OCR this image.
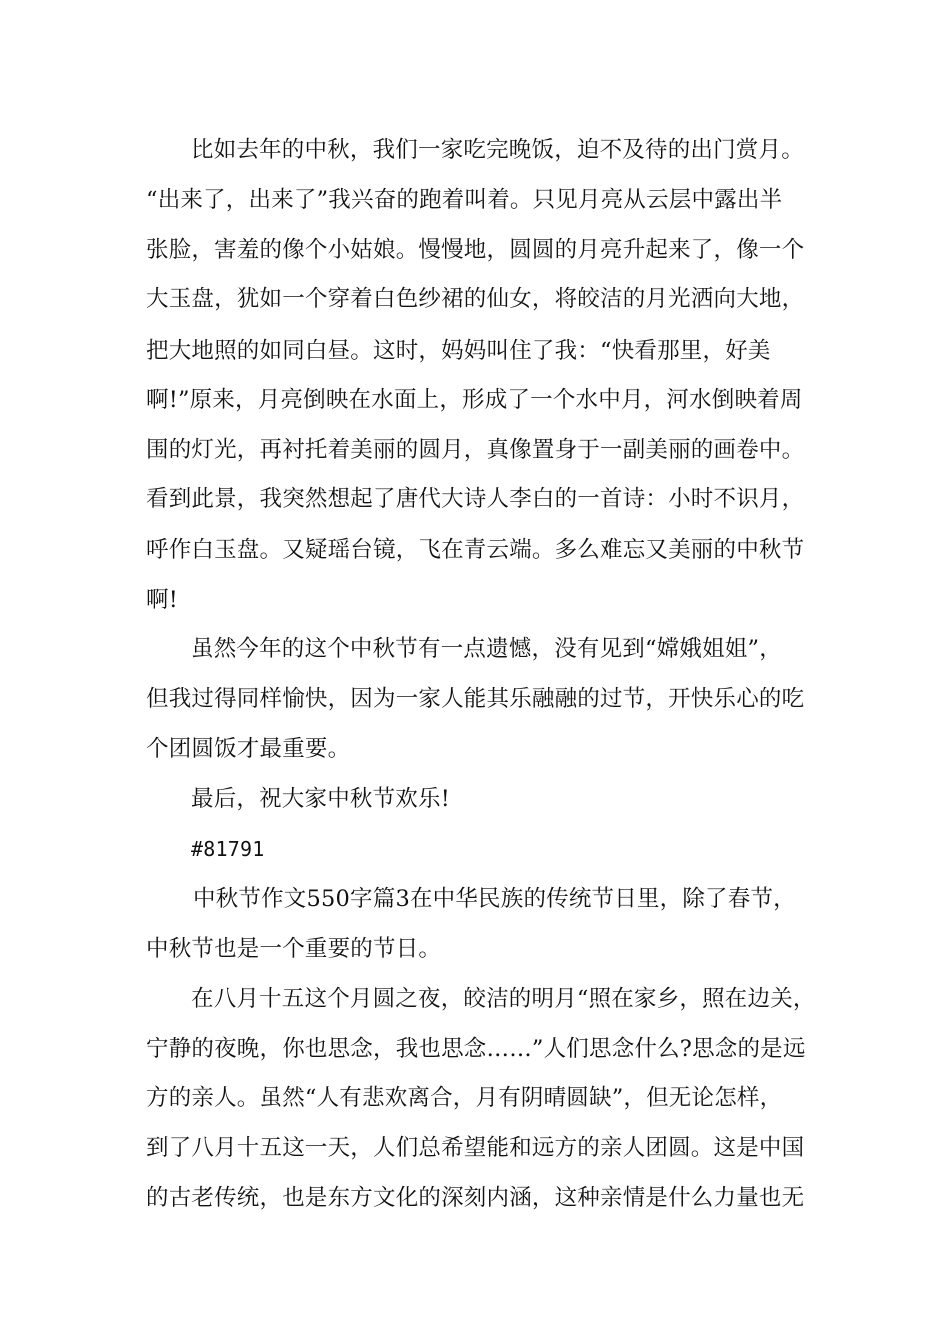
比如去年的中秋，我们一家吃完晚饭，迫不及待的出门赏月。
“出来了，出来了”我兴奋的跑着叫着。只见月亮从云层中露出半
张脸，害羞的像个小姑娘。慢慢地，圆圆的月亮升起来了，像一个
大玉盘，犹如一个穿着白色纱裙的仙女，将皎洁的月光洒向大地，
把大地照的如同白昼。这时，妈妈叫住了我：“快看那里，好美
啊!”原来，月亮倒映在水面上，形成了一个水中月，河水倒映着周
围的灯光，再衬托着美丽的圆月，真像置身于一副美丽的画卷中。
看到此景，我突然想起了唐代大诗人李白的一首诗：小时不识月，
呼作白玉盘。又疑瑶台镜，飞在青云端。多么难忘又美丽的中秋节
啊!
虽然今年的这个中秋节有一点遗憾，没有见到“嫦娥姐姐”，
但我过得同样愉快，因为一家人能其乐融融的过节，开快乐心的吃
个团圆饭才最重要。
最后，祝大家中秋节欢乐!
#81791
中秋节作文550字篇3在中华民族的传统节日里，除了春节，
中秋节也是一个重要的节日。
在八月十五这个月圆之夜，皎洁的明月“照在家乡，照在边关，
宁静的夜晚，你也思念，我也思念……”人们思念什么?思念的是远
方的亲人。虽然“人有悲欢离合，月有阴晴圆缺”，但无论怎样，
到了八月十五这一天，人们总希望能和远方的亲人团圆。这是中国
的古老传统，也是东方文化的深刻内涵，这种亲情是什么力量也无
